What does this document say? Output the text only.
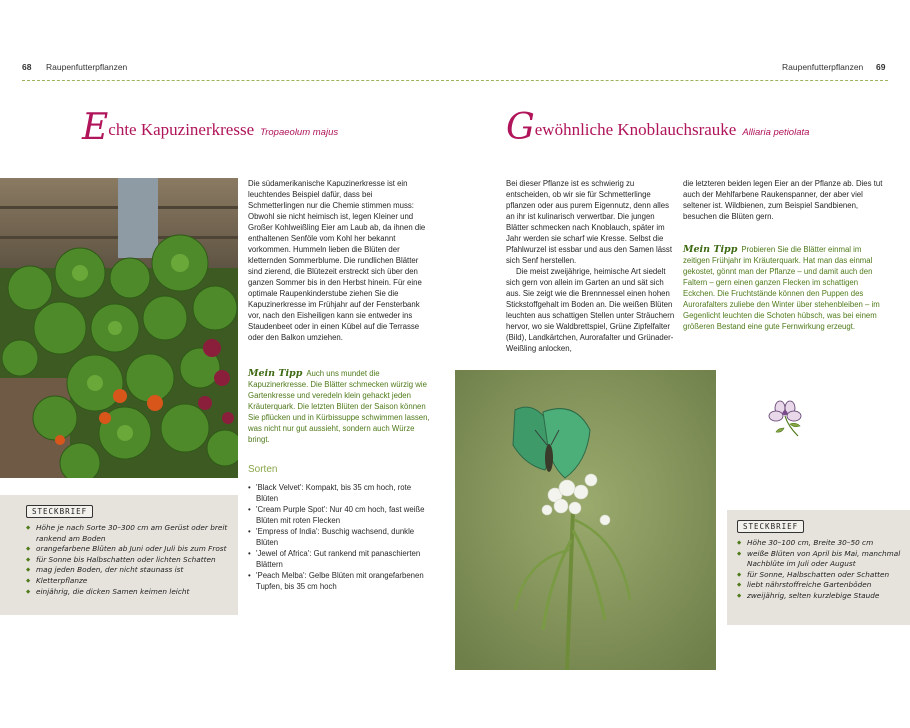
68 Raupenfutterpflanzen	Raupenfutterpflanzen 69
Echte Kapuzinerkresse Tropaeolum majus

Die südamerikanische Kapuzinerkresse ist ein leuchtendes Beispiel dafür, dass bei Schmetterlingen nur die Chemie stimmen muss: Obwohl sie nicht heimisch ist, legen Kleiner und Großer Kohlweißling Eier am Laub ab, da ihnen die enthaltenen Senföle vom Kohl her bekannt vorkommen. Hummeln lieben die Blüten der kletternden Sommerblume. Die rundlichen Blätter sind zierend, die Blütezeit erstreckt sich über den ganzen Sommer bis in den Herbst hinein. Für eine optimale Raupenkinderstube ziehen Sie die Kapuzinerkresse im Frühjahr auf der Fensterbank vor, nach den Eisheiligen kann sie entweder ins Staudenbeet oder in einen Kübel auf die Terrasse oder den Balkon umziehen.

Mein Tipp Auch uns mundet die Kapuzinerkresse. Die Blätter schmecken würzig wie Gartenkresse und veredeln klein gehackt jeden Kräuterquark. Die letzten Blüten der Saison können Sie pflücken und in Kürbissuppe schwimmen lassen, was nicht nur gut aussieht, sondern auch Würze bringt.
Sorten
• 'Black Velvet': Kompakt, bis 35 cm hoch, rote Blüten
• 'Cream Purple Spot': Nur 40 cm hoch, fast weiße Blüten mit roten Flecken
• 'Empress of India': Buschig wachsend, dunkle Blüten
• 'Jewel of Africa': Gut rankend mit panaschierten Blättern
• 'Peach Melba': Gelbe Blüten mit orangefarbenen Tupfen, bis 35 cm hoch
STECKBRIEF
◆ Höhe je nach Sorte 30–300 cm am Gerüst oder breit rankend am Boden
◆ orangefarbene Blüten ab Juni oder Juli bis zum Frost
◆ für Sonne bis Halbschatten oder lichten Schatten
◆ mag jeden Boden, der nicht staunass ist
◆ Kletterpflanze
◆ einjährig, die dicken Samen keimen leicht
Gewöhnliche Knoblauchsrauke Alliaria petiolata

Bei dieser Pflanze ist es schwierig zu entscheiden, ob wir sie für Schmetterlinge pflanzen oder aus purem Eigennutz, denn alles an ihr ist kulinarisch verwertbar. Die jungen Blätter schmecken nach Knoblauch, später im Jahr werden sie scharf wie Kresse. Selbst die Pfahlwurzel ist essbar und aus den Samen lässt sich Senf herstellen.

Die meist zweijährige, heimische Art siedelt sich gern von allein im Garten an und sät sich aus. Sie zeigt wie die Brennnessel einen hohen Stickstoffgehalt im Boden an. Die weißen Blüten leuchten aus schattigen Stellen unter Sträuchern hervor, wo sie Waldbrettspiel, Grüne Zipfelfalter (Bild), Landkärtchen, Aurorafalter und Grünader-Weißling anlocken,

die letzteren beiden legen Eier an der Pflanze ab. Dies tut auch der Mehlfarbene Raukenspanner, der aber viel seltener ist. Wildbienen, zum Beispiel Sandbienen, besuchen die Blüten gern.

Mein Tipp Probieren Sie die Blätter einmal im zeitigen Frühjahr im Kräuterquark. Hat man das einmal gekostet, gönnt man der Pflanze – und damit auch den Faltern – gern einen ganzen Flecken im schattigen Eckchen. Die Fruchtstände können den Puppen des Aurorafalters zuliebe den Winter über stehenbleiben – im Gegenlicht leuchten die Schoten hübsch, was bei einem größeren Bestand eine gute Fernwirkung erzeugt.
STECKBRIEF
◆ Höhe 30–100 cm, Breite 30–50 cm
◆ weiße Blüten von April bis Mai, manchmal Nachblüte im Juli oder August
◆ für Sonne, Halbschatten oder Schatten
◆ liebt nährstoffreiche Gartenböden
◆ zweijährig, selten kurzlebige Staude
